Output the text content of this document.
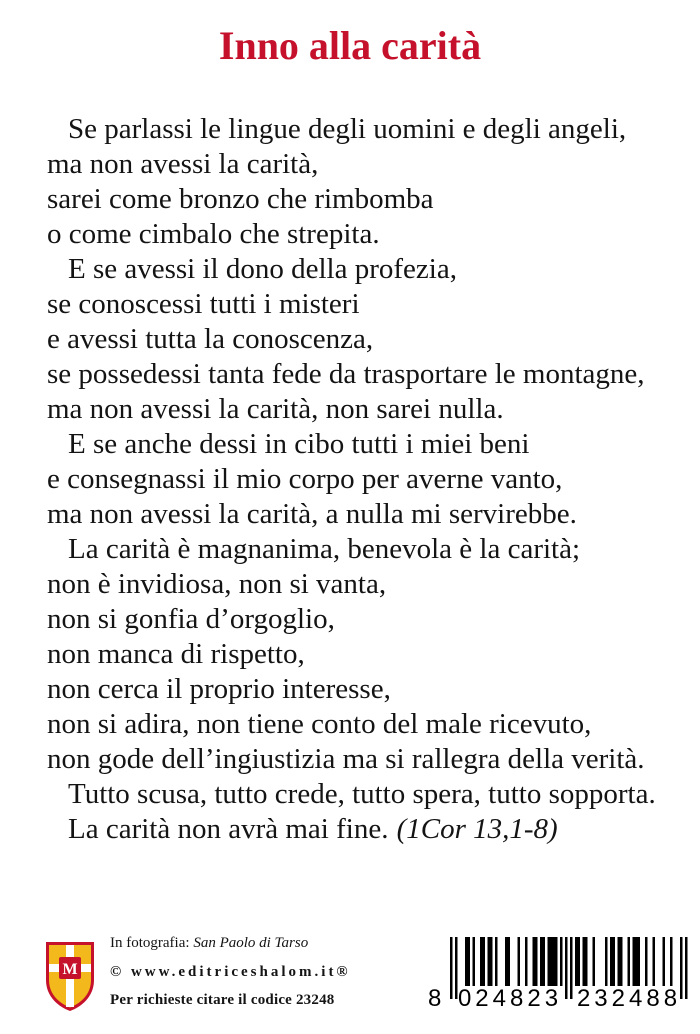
Inno alla carità
Se parlassi le lingue degli uomini e degli angeli,
ma non avessi la carità,
sarei come bronzo che rimbomba
o come cimbalo che strepita.
E se avessi il dono della profezia,
se conoscessi tutti i misteri
e avessi tutta la conoscenza,
se possedessi tanta fede da trasportare le montagne,
ma non avessi la carità, non sarei nulla.
E se anche dessi in cibo tutti i miei beni
e consegnassi il mio corpo per averne vanto,
ma non avessi la carità, a nulla mi servirebbe.
La carità è magnanima, benevola è la carità;
non è invidiosa, non si vanta,
non si gonfia d’orgoglio,
non manca di rispetto,
non cerca il proprio interesse,
non si adira, non tiene conto del male ricevuto,
non gode dell’ingiustizia ma si rallegra della verità.
Tutto scusa, tutto crede, tutto spera, tutto sopporta.
La carità non avrà mai fine. (1Cor 13,1-8)
M
In fotografia: San Paolo di Tarso
© www.editriceshalom.it®
Per richieste citare il codice 23248	8 024823 232488
